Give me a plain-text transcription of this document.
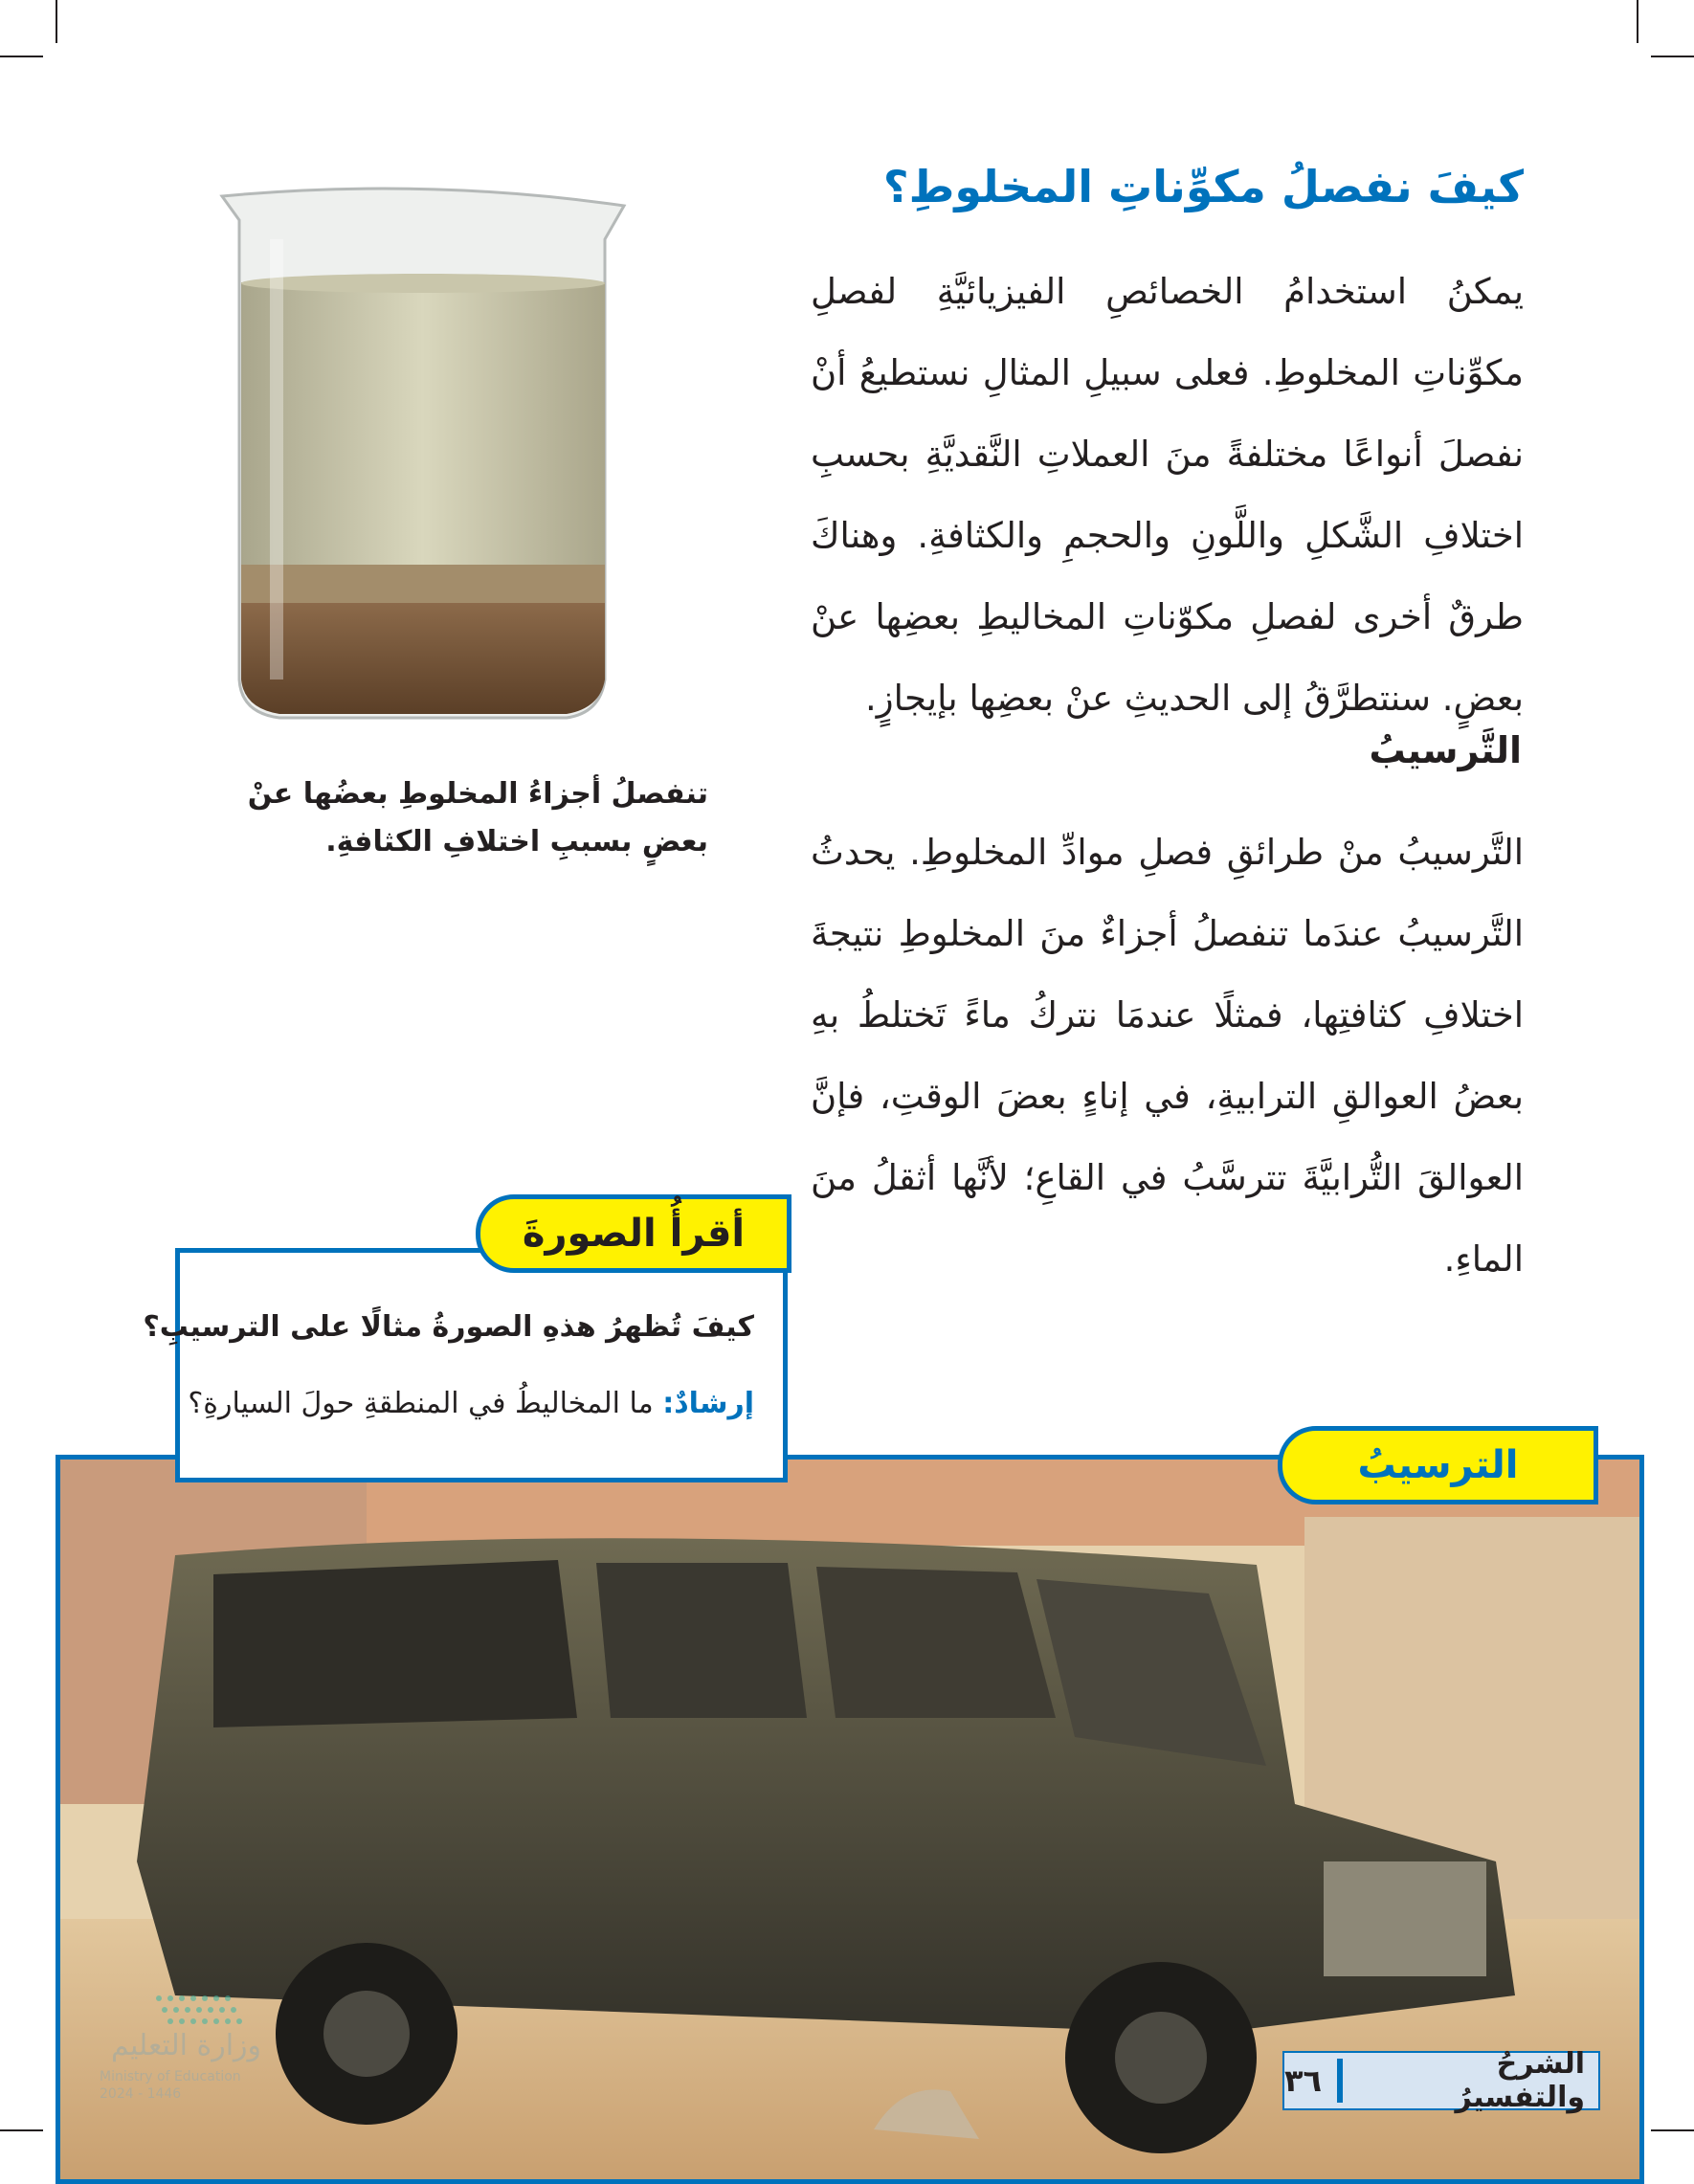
كيفَ نفصلُ مكوِّناتِ المخلوطِ؟

يمكنُ استخدامُ الخصائصِ الفيزيائيَّةِ لفصلِ مكوِّناتِ المخلوطِ. فعلى سبيلِ المثالِ نستطيعُ أنْ نفصلَ أنواعًا مختلفةً منَ العملاتِ النَّقديَّةِ بحسبِ اختلافِ الشَّكلِ واللَّونِ والحجمِ والكثافةِ. وهناكَ طرقٌ أخرى لفصلِ مكوّناتِ المخاليطِ بعضِها عنْ بعضٍ. سنتطرَّقُ إلى الحديثِ عنْ بعضِها بإيجازٍ.

التَّرسيبُ

التَّرسيبُ منْ طرائقِ فصلِ موادِّ المخلوطِ. يحدثُ التَّرسيبُ عندَما تنفصلُ أجزاءٌ منَ المخلوطِ نتيجةَ اختلافِ كثافتِها، فمثلًا عندمَا نتركُ ماءً تَختلطُ بهِ بعضُ العوالقِ الترابيةِ، في إناءٍ بعضَ الوقتِ، فإنَّ العوالقَ التُّرابيَّةَ تترسَّبُ في القاعِ؛ لأنَّها أثقلُ منَ الماءِ.

تنفصلُ أجزاءُ المخلوطِ بعضُها عنْ بعضٍ بسببِ اختلافِ الكثافةِ.

أقرأُ الصورةَ

كيفَ تُظهرُ هذهِ الصورةُ مثالًا على الترسيبِ؟

إرشادٌ: ما المخاليطُ في المنطقةِ حولَ السيارةِ؟

الترسيبُ
الشرحُ والتفسيرُ
٣٦
وزارة التعليم
Ministry of Education
2024 - 1446
